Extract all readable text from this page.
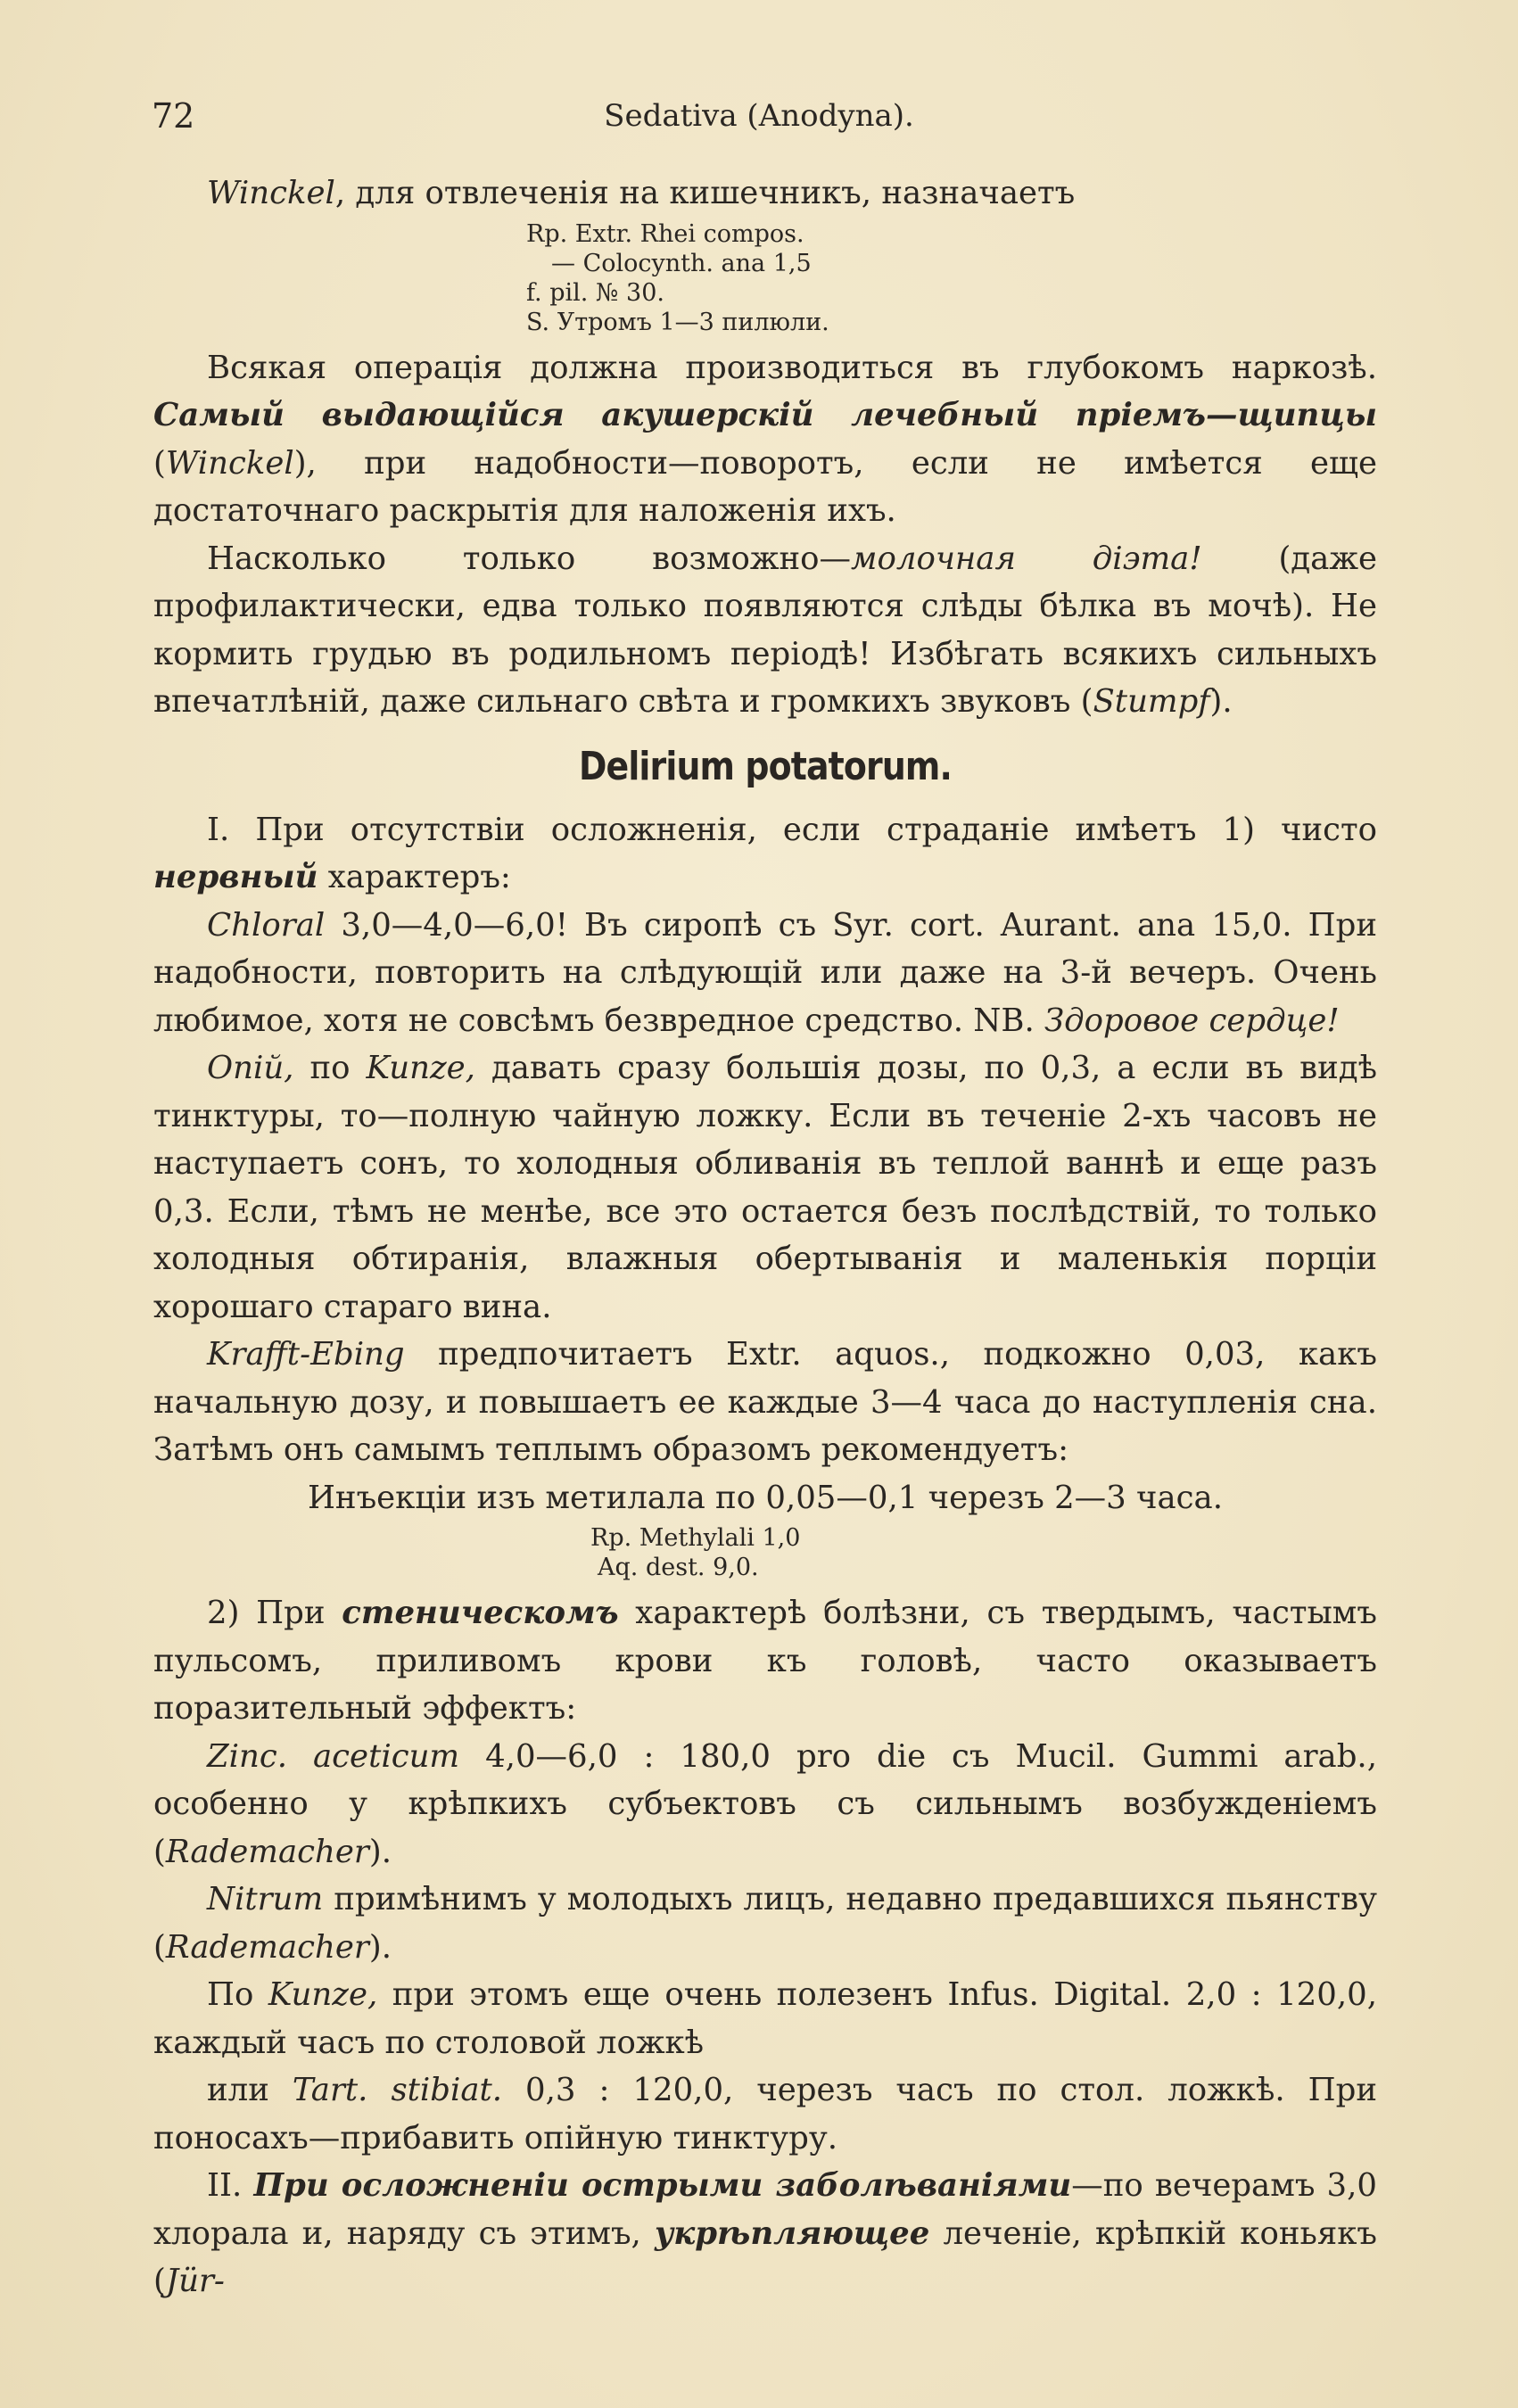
72	Sedativa (Anodyna).

Winckel, для отвлеченія на кишечникъ, назначаетъ

Rp. Extr. Rhei compos.
— Colocynth. ana 1,5
f. pil. № 30.
S. Утромъ 1—3 пилюли.

Всякая операція должна производиться въ глубокомъ наркозѣ. Самый выдающійся акушерскій лечебный пріемъ—щипцы (Winckel), при надобности—поворотъ, если не имѣется еще достаточнаго раскрытія для наложенія ихъ.

Насколько только возможно—молочная діэта! (даже профилактически, едва только появляются слѣды бѣлка въ мочѣ). Не кормить грудью въ родильномъ періодѣ! Избѣгать всякихъ сильныхъ впечатлѣній, даже сильнаго свѣта и громкихъ звуковъ (Stumpf).

Delirium potatorum.

I. При отсутствіи осложненія, если страданіе имѣетъ 1) чисто нервный характеръ:

Chloral 3,0—4,0—6,0! Въ сиропѣ съ Syr. cort. Aurant. ana 15,0. При надобности, повторить на слѣдующій или даже на 3-й вечеръ. Очень любимое, хотя не совсѣмъ безвредное средство. NB. Здоровое сердце!

Опій, по Kunze, давать сразу большія дозы, по 0,3, а если въ видѣ тинктуры, то—полную чайную ложку. Если въ теченіе 2-хъ часовъ не наступаетъ сонъ, то холодныя обливанія въ теплой ваннѣ и еще разъ 0,3. Если, тѣмъ не менѣе, все это остается безъ послѣдствій, то только холодныя обтиранія, влажныя обертыванія и маленькія порціи хорошаго стараго вина.

Krafft-Ebing предпочитаетъ Extr. aquos., подкожно 0,03, какъ начальную дозу, и повышаетъ ее каждые 3—4 часа до наступленія сна. Затѣмъ онъ самымъ теплымъ образомъ рекомендуетъ:

Инъекціи изъ метилала по 0,05—0,1 черезъ 2—3 часа.

Rp. Methylali 1,0
Aq. dest. 9,0.

2) При стеническомъ характерѣ болѣзни, съ твердымъ, частымъ пульсомъ, приливомъ крови къ головѣ, часто оказываетъ поразительный эффектъ:

Zinc. aceticum 4,0—6,0 : 180,0 pro die съ Mucil. Gummi arab., особенно у крѣпкихъ субъектовъ съ сильнымъ возбужденіемъ (Rademacher).

Nitrum примѣнимъ у молодыхъ лицъ, недавно предавшихся пьянству (Rademacher).

По Kunze, при этомъ еще очень полезенъ Infus. Digital. 2,0 : 120,0, каждый часъ по столовой ложкѣ

или Tart. stibiat. 0,3 : 120,0, черезъ часъ по стол. ложкѣ. При поносахъ—прибавить опійную тинктуру.

II. При осложненіи острыми заболѣваніями—по вечерамъ 3,0 хлорала и, наряду съ этимъ, укрѣпляющее леченіе, крѣпкій коньякъ (Jür-
